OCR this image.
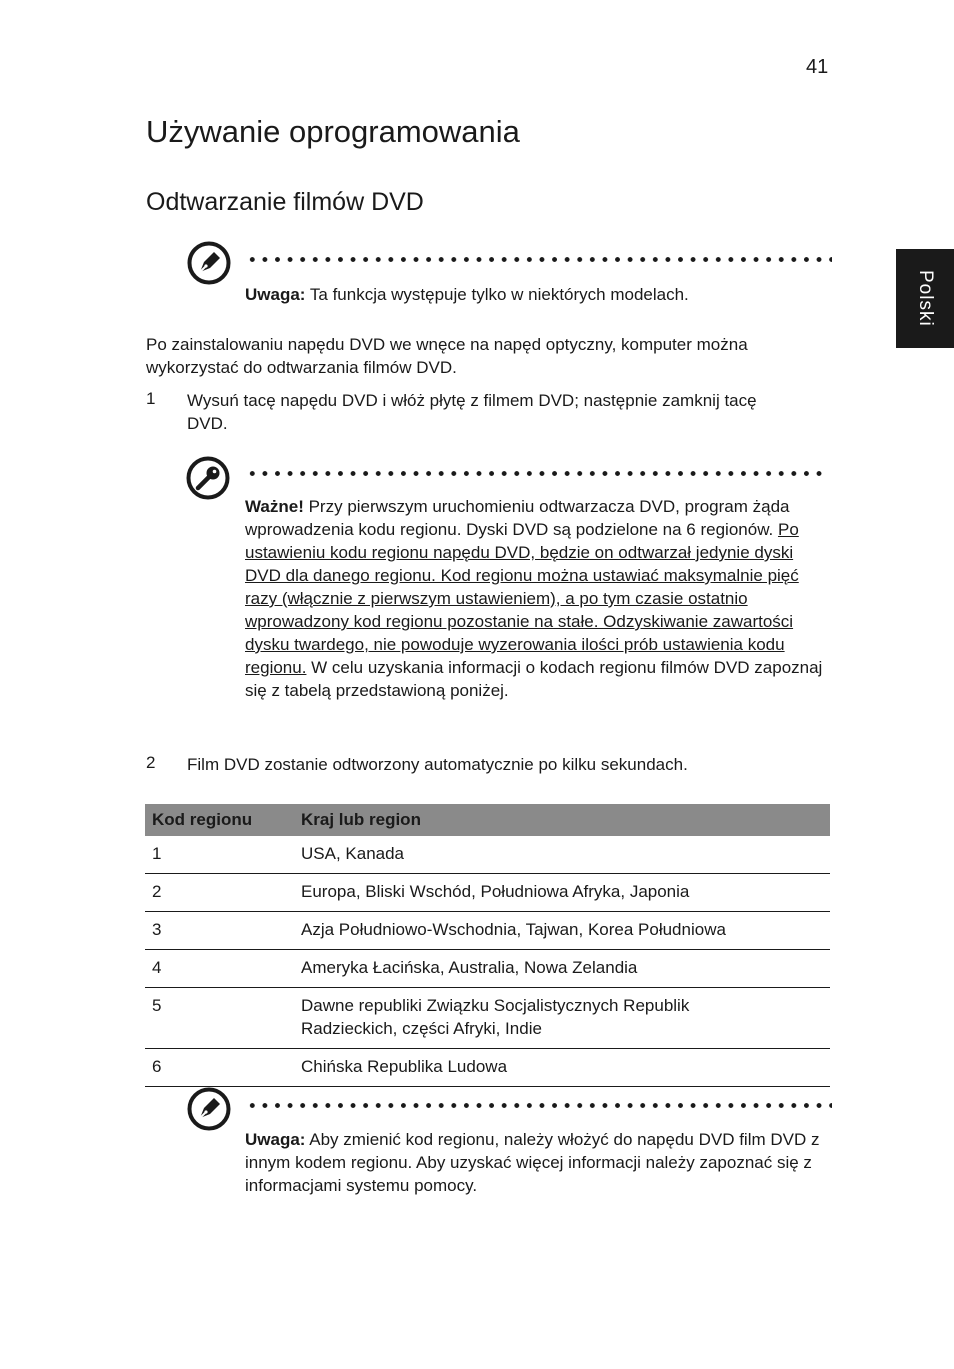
41
Polski
Używanie oprogramowania
Odtwarzanie filmów DVD
Uwaga: Ta funkcja występuje tylko w niektórych modelach.
Po zainstalowaniu napędu DVD we wnęce na napęd optyczny, komputer można wykorzystać do odtwarzania filmów DVD.
1 Wysuń tacę napędu DVD i włóż płytę z filmem DVD; następnie zamknij tacę DVD.
Ważne! Przy pierwszym uruchomieniu odtwarzacza DVD, program żąda wprowadzenia kodu regionu. Dyski DVD są podzielone na 6 regionów. Po ustawieniu kodu regionu napędu DVD, będzie on odtwarzał jedynie dyski DVD dla danego regionu. Kod regionu można ustawiać maksymalnie pięć razy (włącznie z pierwszym ustawieniem), a po tym czasie ostatnio wprowadzony kod regionu pozostanie na stałe. Odzyskiwanie zawartości dysku twardego, nie powoduje wyzerowania ilości prób ustawienia kodu regionu. W celu uzyskania informacji o kodach regionu filmów DVD zapoznaj się z tabelą przedstawioną poniżej.
2 Film DVD zostanie odtworzony automatycznie po kilku sekundach.
Kod regionu	Kraj lub region
1	USA, Kanada
2	Europa, Bliski Wschód, Południowa Afryka, Japonia
3	Azja Południowo-Wschodnia, Tajwan, Korea Południowa
4	Ameryka Łacińska, Australia, Nowa Zelandia
5	Dawne republiki Związku Socjalistycznych Republik Radzieckich, części Afryki, Indie
6	Chińska Republika Ludowa
Uwaga: Aby zmienić kod regionu, należy włożyć do napędu DVD film DVD z innym kodem regionu. Aby uzyskać więcej informacji należy zapoznać się z informacjami systemu pomocy.
